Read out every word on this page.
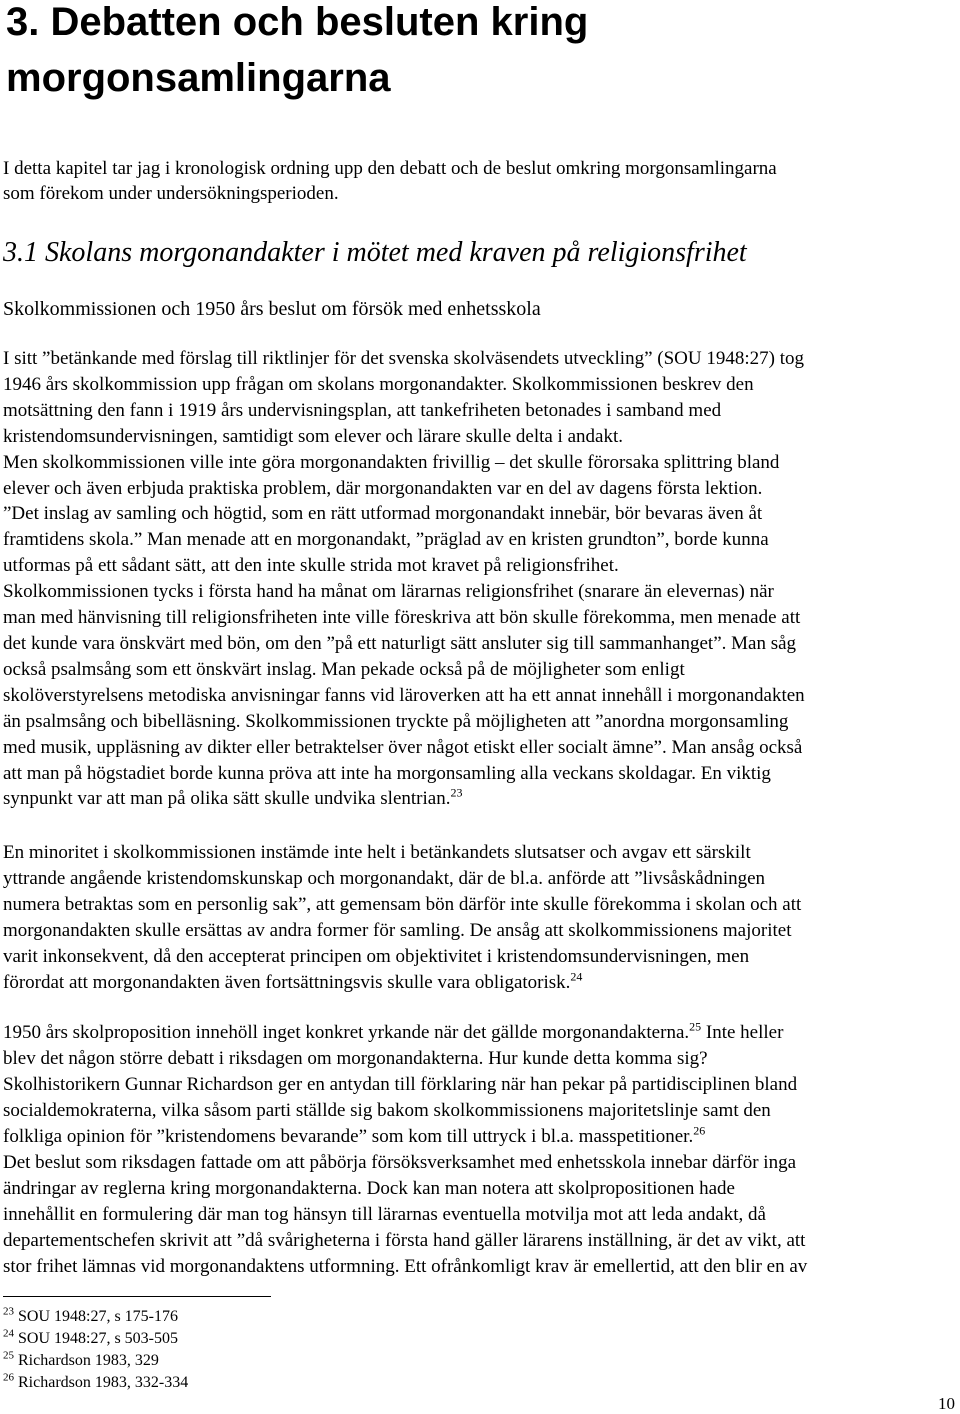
3. Debatten och besluten kring
morgonsamlingarna

I detta kapitel tar jag i kronologisk ordning upp den debatt och de beslut omkring morgonsamlingarna
som förekom under undersökningsperioden.

3.1 Skolans morgonandakter i mötet med kraven på religionsfrihet

Skolkommissionen och 1950 års beslut om försök med enhetsskola

I sitt ”betänkande med förslag till riktlinjer för det svenska skolväsendets utveckling” (SOU 1948:27) tog
1946 års skolkommission upp frågan om skolans morgonandakter. Skolkommissionen beskrev den
motsättning den fann i 1919 års undervisningsplan, att tankefriheten betonades i samband med
kristendomsundervisningen, samtidigt som elever och lärare skulle delta i andakt.
Men skolkommissionen ville inte göra morgonandakten frivillig – det skulle förorsaka splittring bland
elever och även erbjuda praktiska problem, där morgonandakten var en del av dagens första lektion.
”Det inslag av samling och högtid, som en rätt utformad morgonandakt innebär, bör bevaras även åt
framtidens skola.” Man menade att en morgonandakt, ”präglad av en kristen grundton”, borde kunna
utformas på ett sådant sätt, att den inte skulle strida mot kravet på religionsfrihet.
Skolkommissionen tycks i första hand ha månat om lärarnas religionsfrihet (snarare än elevernas) när
man med hänvisning till religionsfriheten inte ville föreskriva att bön skulle förekomma, men menade att
det kunde vara önskvärt med bön, om den ”på ett naturligt sätt ansluter sig till sammanhanget”. Man såg
också psalmsång som ett önskvärt inslag. Man pekade också på de möjligheter som enligt
skolöverstyrelsens metodiska anvisningar fanns vid läroverken att ha ett annat innehåll i morgonandakten
än psalmsång och bibelläsning. Skolkommissionen tryckte på möjligheten att ”anordna morgonsamling
med musik, uppläsning av dikter eller betraktelser över något etiskt eller socialt ämne”. Man ansåg också
att man på högstadiet borde kunna pröva att inte ha morgonsamling alla veckans skoldagar. En viktig
synpunkt var att man på olika sätt skulle undvika slentrian.$^{23}$

En minoritet i skolkommissionen instämde inte helt i betänkandets slutsatser och avgav ett särskilt
yttrande angående kristendomskunskap och morgonandakt, där de bl.a. anförde att ”livsåskådningen
numera betraktas som en personlig sak”, att gemensam bön därför inte skulle förekomma i skolan och att
morgonandakten skulle ersättas av andra former för samling. De ansåg att skolkommissionens majoritet
varit inkonsekvent, då den accepterat principen om objektivitet i kristendomsundervisningen, men
förordat att morgonandakten även fortsättningsvis skulle vara obligatorisk.$^{24}$

1950 års skolproposition innehöll inget konkret yrkande när det gällde morgonandakterna.$^{25}$ Inte heller
blev det någon större debatt i riksdagen om morgonandakterna. Hur kunde detta komma sig?
Skolhistorikern Gunnar Richardson ger en antydan till förklaring när han pekar på partidisciplinen bland
socialdemokraterna, vilka såsom parti ställde sig bakom skolkommissionens majoritetslinje samt den
folkliga opinion för ”kristendomens bevarande” som kom till uttryck i bl.a. masspetitioner.$^{26}$

Det beslut som riksdagen fattade om att påbörja försöksverksamhet med enhetsskola innebar därför inga
ändringar av reglerna kring morgonandakterna. Dock kan man notera att skolpropositionen hade
innehållit en formulering där man tog hänsyn till lärarnas eventuella motvilja mot att leda andakt, då
departementschefen skrivit att ”då svårigheterna i första hand gäller lärarens inställning, är det av vikt, att
stor frihet lämnas vid morgonandaktens utformning. Ett ofrånkomligt krav är emellertid, att den blir en av

$^{23}$ SOU 1948:27, s 175-176
$^{24}$ SOU 1948:27, s 503-505
$^{25}$ Richardson 1983, 329
$^{26}$ Richardson 1983, 332-334
10
